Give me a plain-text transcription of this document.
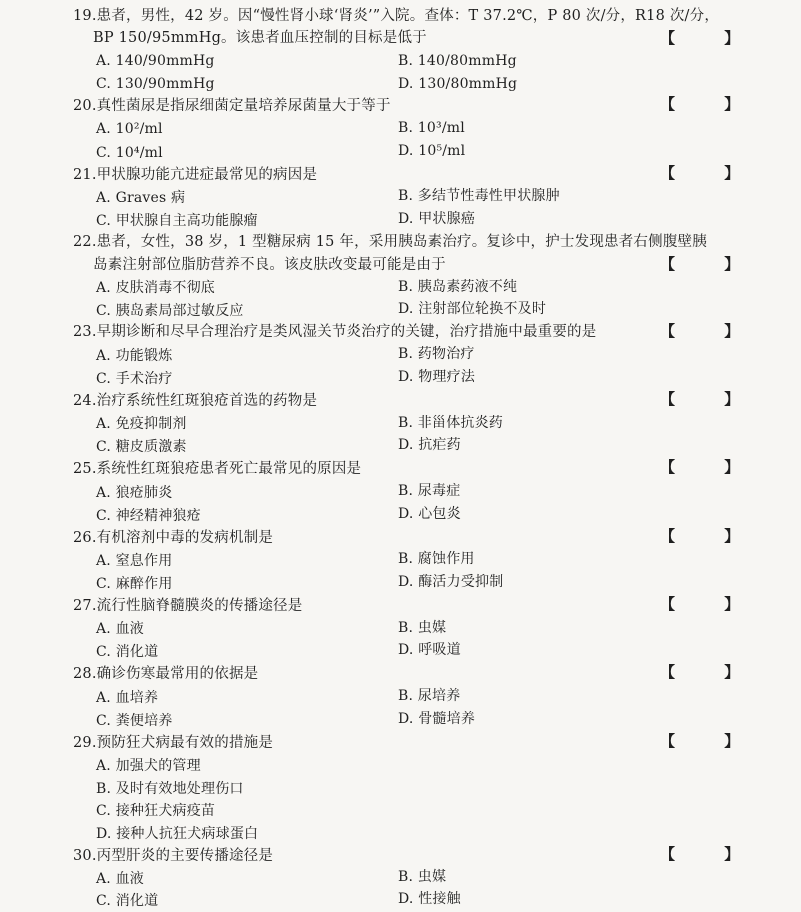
19.患者，男性，42 岁。因“慢性肾小球‘肾炎’”入院。查体：T 37.2℃，P 80 次/分，R18 次/分，
BP 150/95mmHg。该患者血压控制的目标是低于	【 】
A. 140/90mmHg	B. 140/80mmHg
C. 130/90mmHg	D. 130/80mmHg
20.真性菌尿是指尿细菌定量培养尿菌量大于等于	【 】
A. 10²/ml	B. 10³/ml
C. 10⁴/ml	D. 10⁵/ml
21.甲状腺功能亢进症最常见的病因是	【 】
A. Graves 病	B. 多结节性毒性甲状腺肿
C. 甲状腺自主高功能腺瘤	D. 甲状腺癌
22.患者，女性，38 岁，1 型糖尿病 15 年，采用胰岛素治疗。复诊中，护士发现患者右侧腹壁胰
岛素注射部位脂肪营养不良。该皮肤改变最可能是由于	【 】
A. 皮肤消毒不彻底	B. 胰岛素药液不纯
C. 胰岛素局部过敏反应	D. 注射部位轮换不及时
23.早期诊断和尽早合理治疗是类风湿关节炎治疗的关键，治疗措施中最重要的是	【 】
A. 功能锻炼	B. 药物治疗
C. 手术治疗	D. 物理疗法
24.治疗系统性红斑狼疮首选的药物是	【 】
A. 免疫抑制剂	B. 非甾体抗炎药
C. 糖皮质激素	D. 抗疟药
25.系统性红斑狼疮患者死亡最常见的原因是	【 】
A. 狼疮肺炎	B. 尿毒症
C. 神经精神狼疮	D. 心包炎
26.有机溶剂中毒的发病机制是	【 】
A. 窒息作用	B. 腐蚀作用
C. 麻醉作用	D. 酶活力受抑制
27.流行性脑脊髓膜炎的传播途径是	【 】
A. 血液	B. 虫媒
C. 消化道	D. 呼吸道
28.确诊伤寒最常用的依据是	【 】
A. 血培养	B. 尿培养
C. 粪便培养	D. 骨髓培养
29.预防狂犬病最有效的措施是	【 】
A. 加强犬的管理
B. 及时有效地处理伤口
C. 接种狂犬病疫苗
D. 接种人抗狂犬病球蛋白
30.丙型肝炎的主要传播途径是	【 】
A. 血液	B. 虫媒
C. 消化道	D. 性接触
